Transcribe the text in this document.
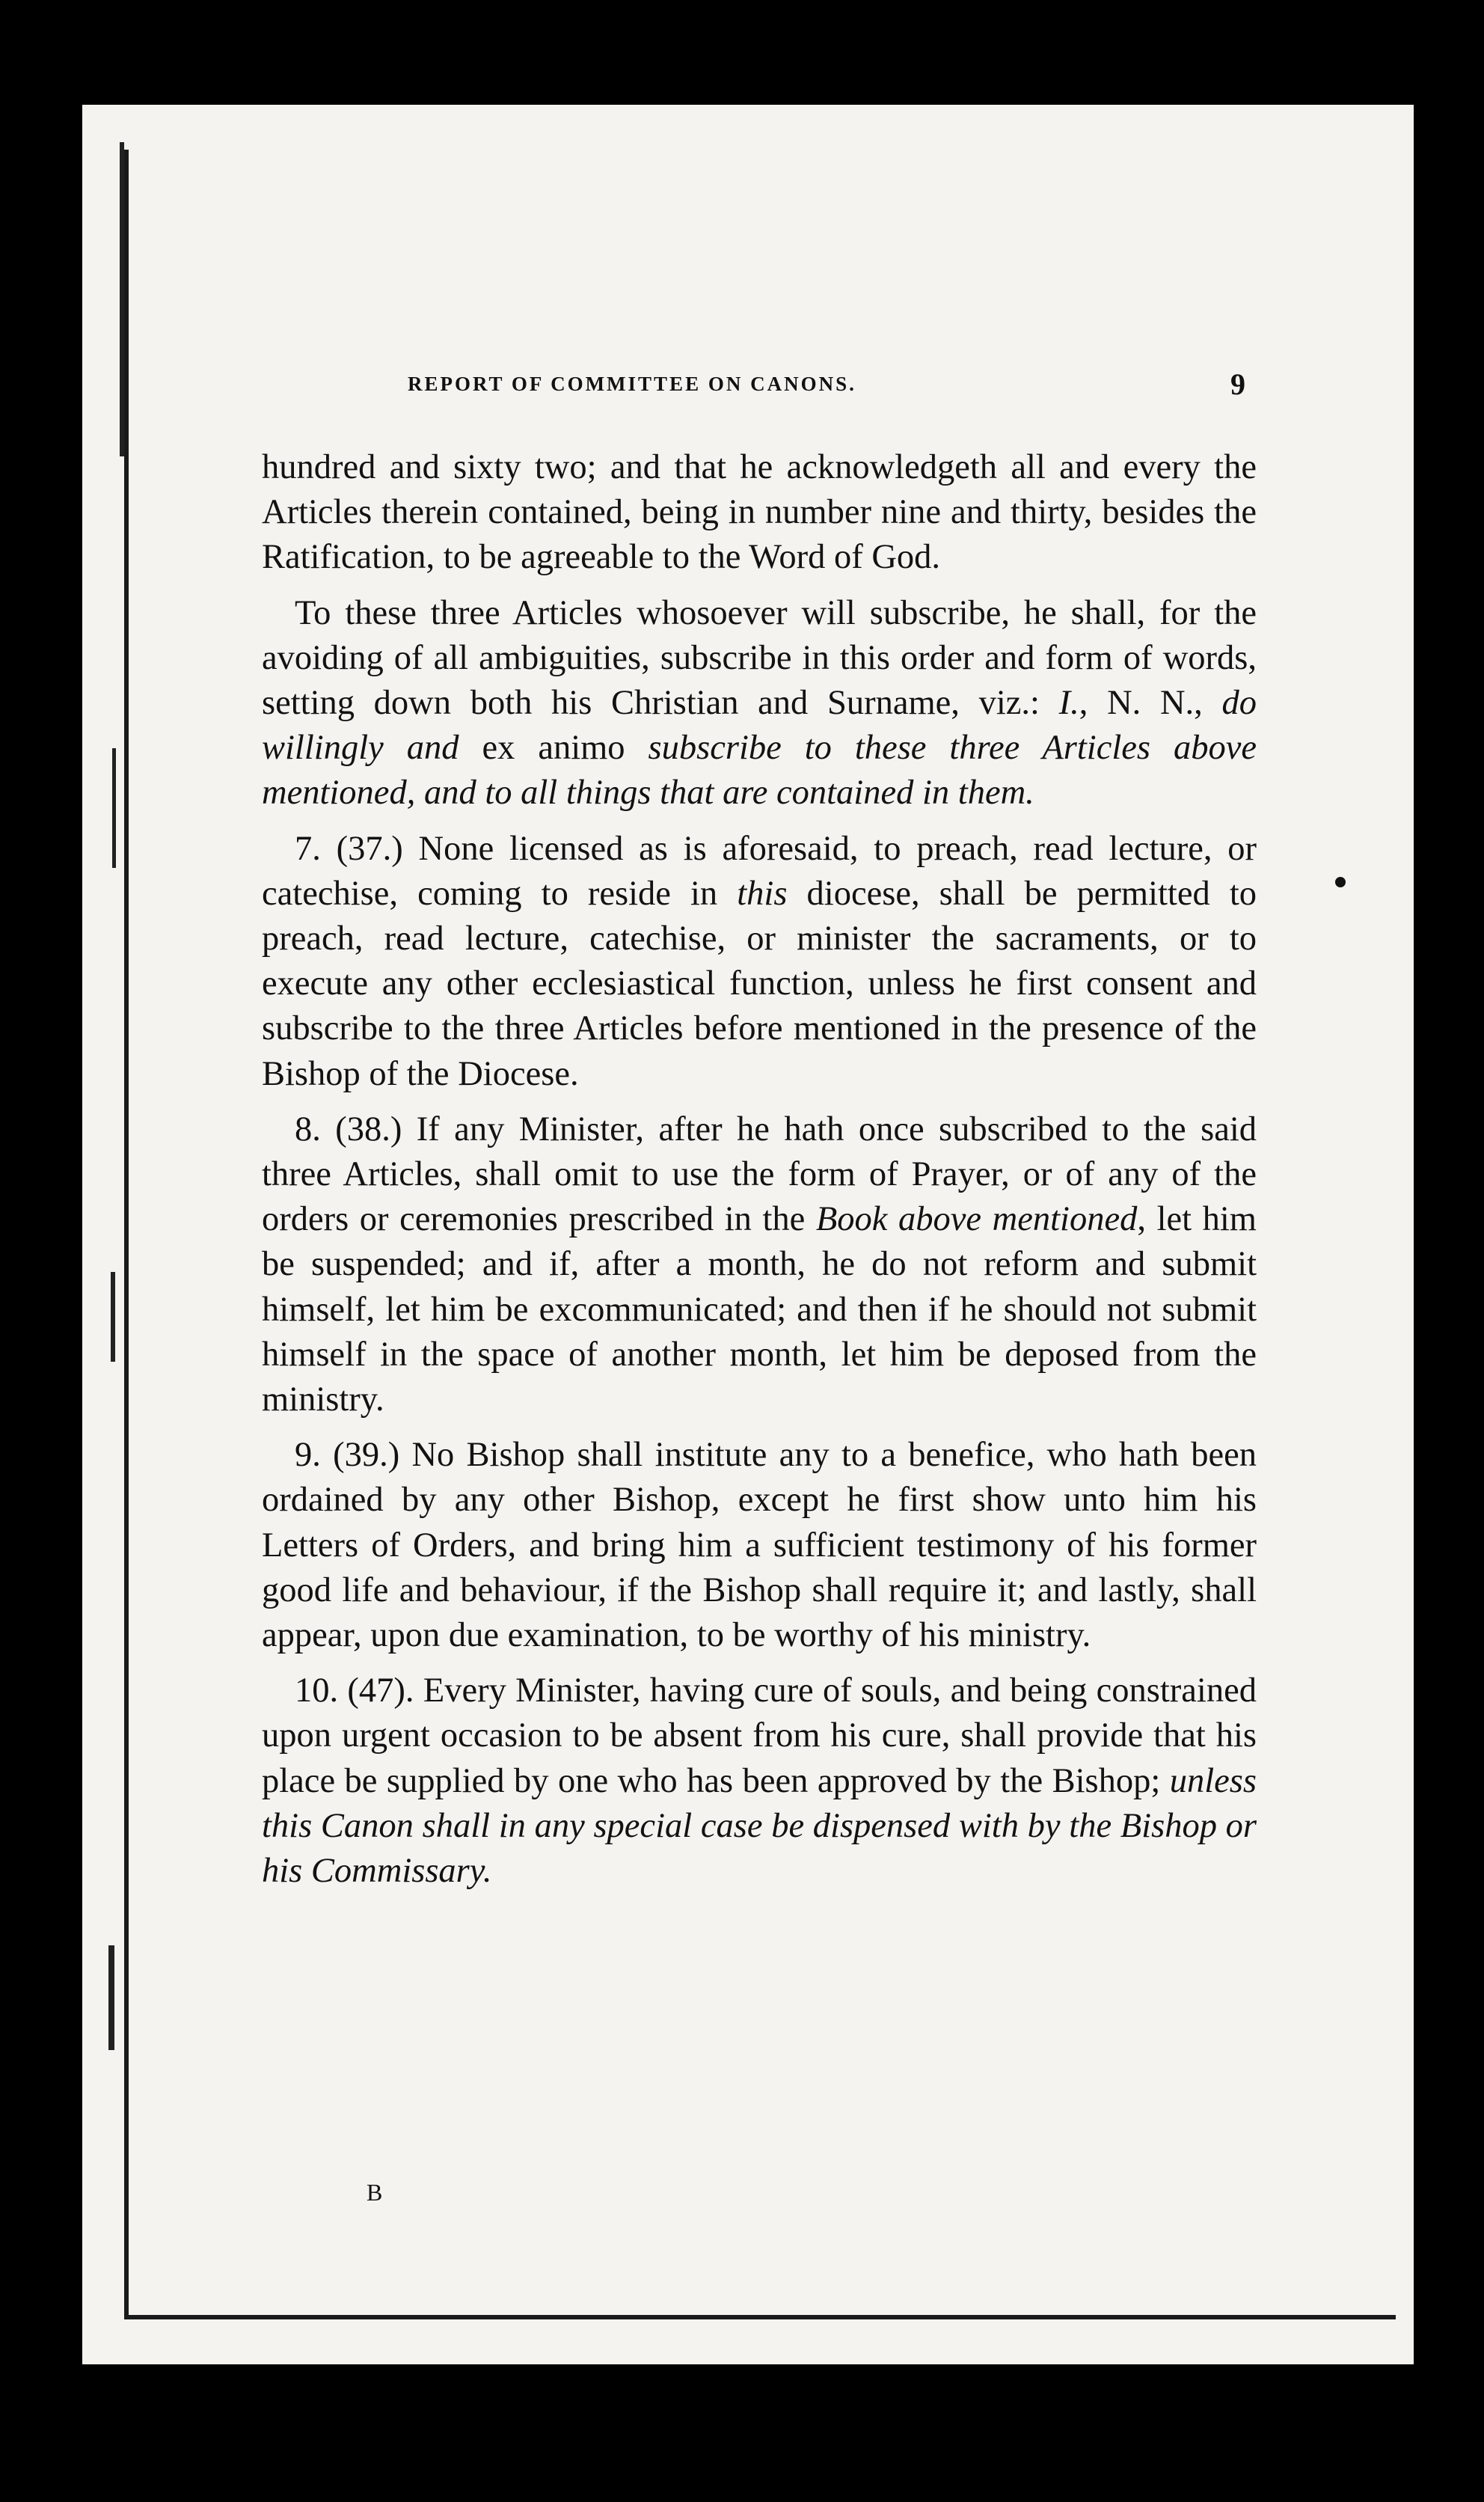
REPORT OF COMMITTEE ON CANONS.	9

hundred and sixty two; and that he acknowledgeth all and every the Articles therein contained, being in number nine and thirty, besides the Ratification, to be agreeable to the Word of God.

To these three Articles whosoever will subscribe, he shall, for the avoiding of all ambiguities, subscribe in this order and form of words, setting down both his Christian and Surname, viz.: I., N. N., do willingly and ex animo subscribe to these three Articles above mentioned, and to all things that are contained in them.

7. (37.) None licensed as is aforesaid, to preach, read lecture, or catechise, coming to reside in this diocese, shall be permitted to preach, read lecture, catechise, or minister the sacraments, or to execute any other ecclesiastical function, unless he first consent and subscribe to the three Articles before mentioned in the presence of the Bishop of the Diocese.

8. (38.) If any Minister, after he hath once subscribed to the said three Articles, shall omit to use the form of Prayer, or of any of the orders or ceremonies prescribed in the Book above mentioned, let him be suspended; and if, after a month, he do not reform and submit himself, let him be excommunicated; and then if he should not submit himself in the space of another month, let him be deposed from the ministry.

9. (39.) No Bishop shall institute any to a benefice, who hath been ordained by any other Bishop, except he first show unto him his Letters of Orders, and bring him a sufficient testimony of his former good life and behaviour, if the Bishop shall require it; and lastly, shall appear, upon due examination, to be worthy of his ministry.

10. (47). Every Minister, having cure of souls, and being constrained upon urgent occasion to be absent from his cure, shall provide that his place be supplied by one who has been approved by the Bishop; unless this Canon shall in any special case be dispensed with by the Bishop or his Commissary.

B
